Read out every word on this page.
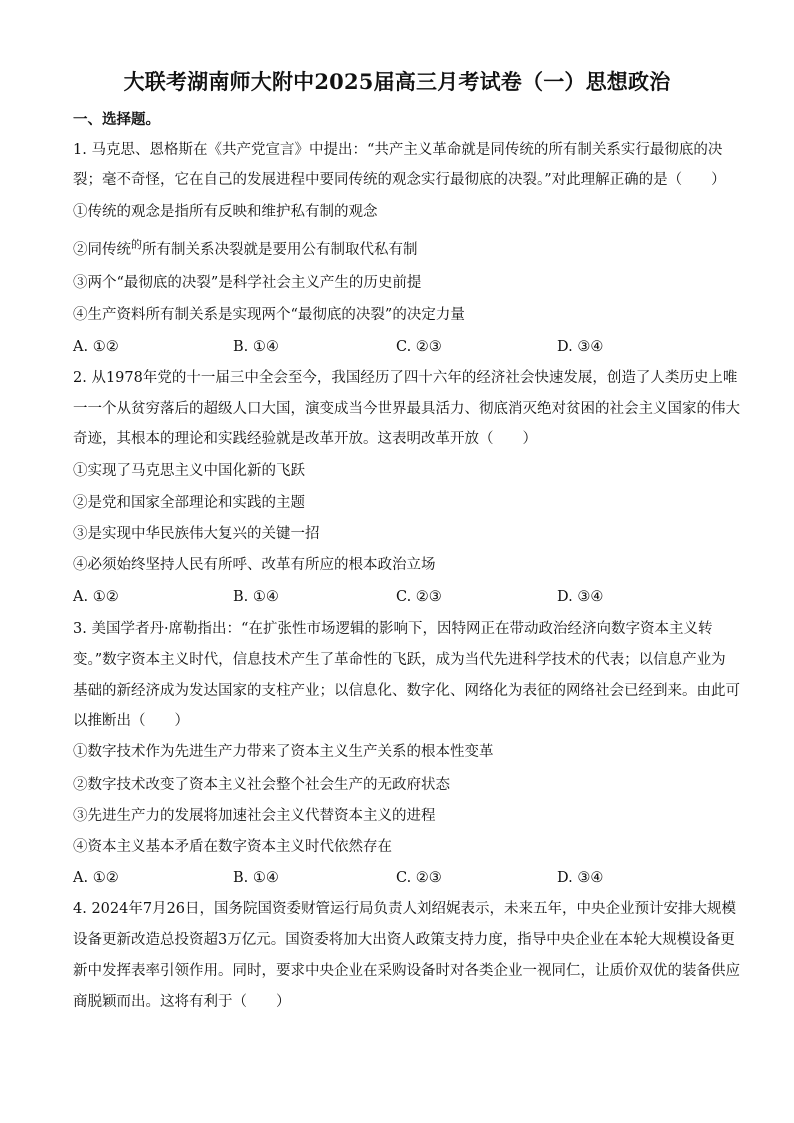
大联考湖南师大附中2025届高三月考试卷（一）思想政治
一、选择题。
1. 马克思、恩格斯在《共产党宣言》中提出：“共产主义革命就是同传统的所有制关系实行最彻底的决
裂；毫不奇怪，它在自己的发展进程中要同传统的观念实行最彻底的决裂。”对此理解正确的是（　　）
①传统的观念是指所有反映和维护私有制的观念
②同传统$^的$所有制关系决裂就是要用公有制取代私有制
③两个“最彻底的决裂”是科学社会主义产生的历史前提
④生产资料所有制关系是实现两个“最彻底的决裂”的决定力量
A. ①②	B. ①④	C. ②③	D. ③④
2. 从1978年党的十一届三中全会至今，我国经历了四十六年的经济社会快速发展，创造了人类历史上唯
一一个从贫穷落后的超级人口大国，演变成当今世界最具活力、彻底消灭绝对贫困的社会主义国家的伟大
奇迹，其根本的理论和实践经验就是改革开放。这表明改革开放（　　）
①实现了马克思主义中国化新的飞跃
②是党和国家全部理论和实践的主题
③是实现中华民族伟大复兴的关键一招
④必须始终坚持人民有所呼、改革有所应的根本政治立场
A. ①②	B. ①④	C. ②③	D. ③④
3. 美国学者丹·席勒指出：“在扩张性市场逻辑的影响下，因特网正在带动政治经济向数字资本主义转
变。”数字资本主义时代，信息技术产生了革命性的飞跃，成为当代先进科学技术的代表；以信息产业为
基础的新经济成为发达国家的支柱产业；以信息化、数字化、网络化为表征的网络社会已经到来。由此可
以推断出（　　）
①数字技术作为先进生产力带来了资本主义生产关系的根本性变革
②数字技术改变了资本主义社会整个社会生产的无政府状态
③先进生产力的发展将加速社会主义代替资本主义的进程
④资本主义基本矛盾在数字资本主义时代依然存在
A. ①②	B. ①④	C. ②③	D. ③④
4. 2024年7月26日，国务院国资委财管运行局负责人刘绍娓表示，未来五年，中央企业预计安排大规模
设备更新改造总投资超3万亿元。国资委将加大出资人政策支持力度，指导中央企业在本轮大规模设备更
新中发挥表率引领作用。同时，要求中央企业在采购设备时对各类企业一视同仁，让质价双优的装备供应
商脱颖而出。这将有利于（　　）
